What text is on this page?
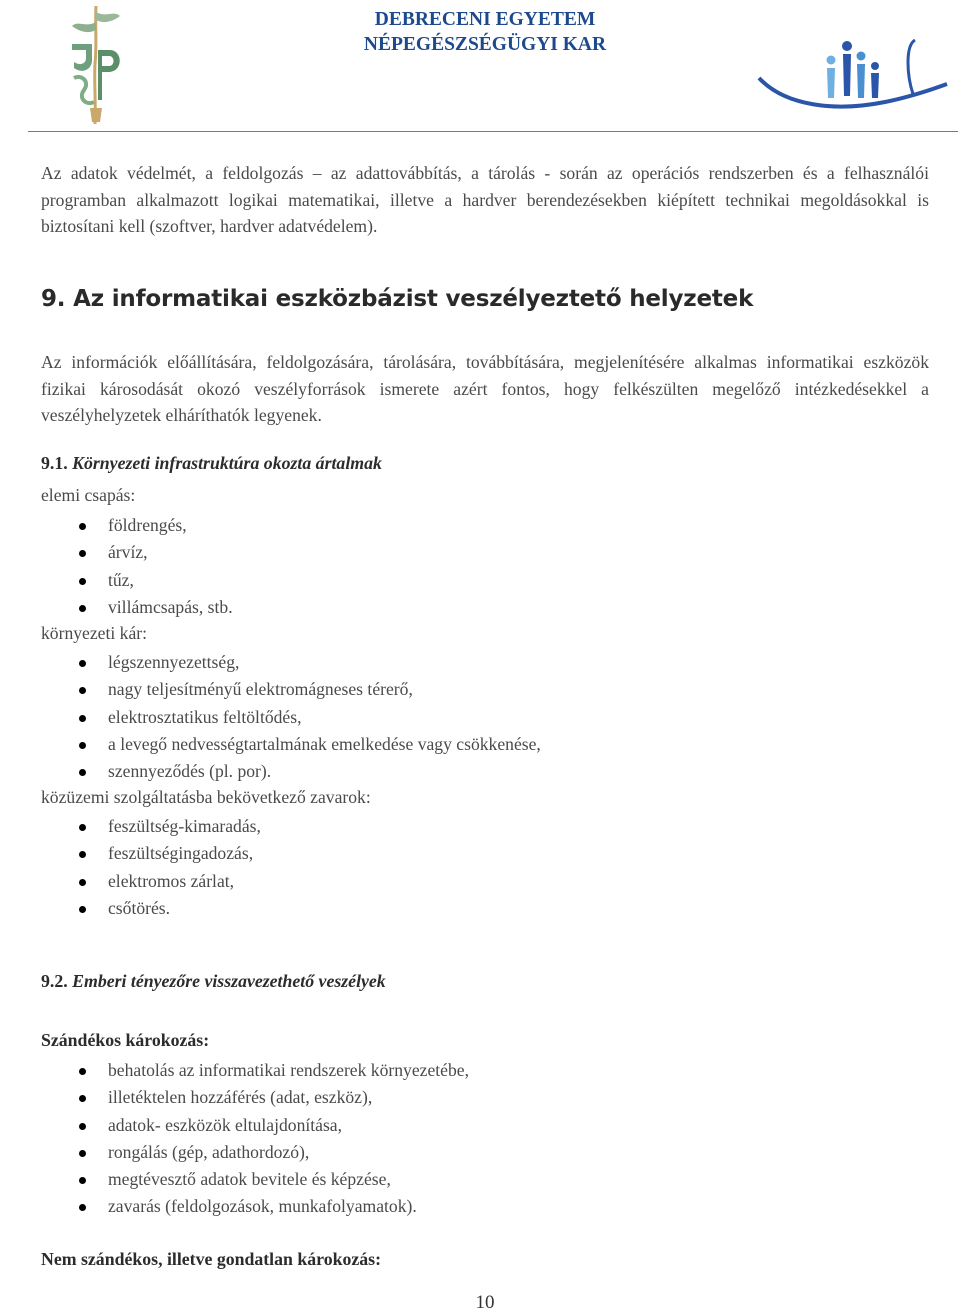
DEBRECENI EGYETEM
NÉPEGÉSZSÉGÜGYI KAR

Az adatok védelmét, a feldolgozás – az adattovábbítás, a tárolás - során az operációs rendszerben és a felhasználói programban alkalmazott logikai matematikai, illetve a hardver berendezésekben kiépített technikai megoldásokkal is biztosítani kell (szoftver, hardver adatvédelem).

9. Az informatikai eszközbázist veszélyeztető helyzetek

Az információk előállítására, feldolgozására, tárolására, továbbítására, megjelenítésére alkalmas informatikai eszközök fizikai károsodását okozó veszélyforrások ismerete azért fontos, hogy felkészülten megelőző intézkedésekkel a veszélyhelyzetek elháríthatók legyenek.

9.1. Környezeti infrastruktúra okozta ártalmak
elemi csapás:
földrengés,
árvíz,
tűz,
villámcsapás, stb.
környezeti kár:
légszennyezettség,
nagy teljesítményű elektromágneses térerő,
elektrosztatikus feltöltődés,
a levegő nedvességtartalmának emelkedése vagy csökkenése,
szennyeződés (pl. por).
közüzemi szolgáltatásba bekövetkező zavarok:
feszültség-kimaradás,
feszültségingadozás,
elektromos zárlat,
csőtörés.
9.2. Emberi tényezőre visszavezethető veszélyek
Szándékos károkozás:
behatolás az informatikai rendszerek környezetébe,
illetéktelen hozzáférés (adat, eszköz),
adatok- eszközök eltulajdonítása,
rongálás (gép, adathordozó),
megtévesztő adatok bevitele és képzése,
zavarás (feldolgozások, munkafolyamatok).
Nem szándékos, illetve gondatlan károkozás:
10
